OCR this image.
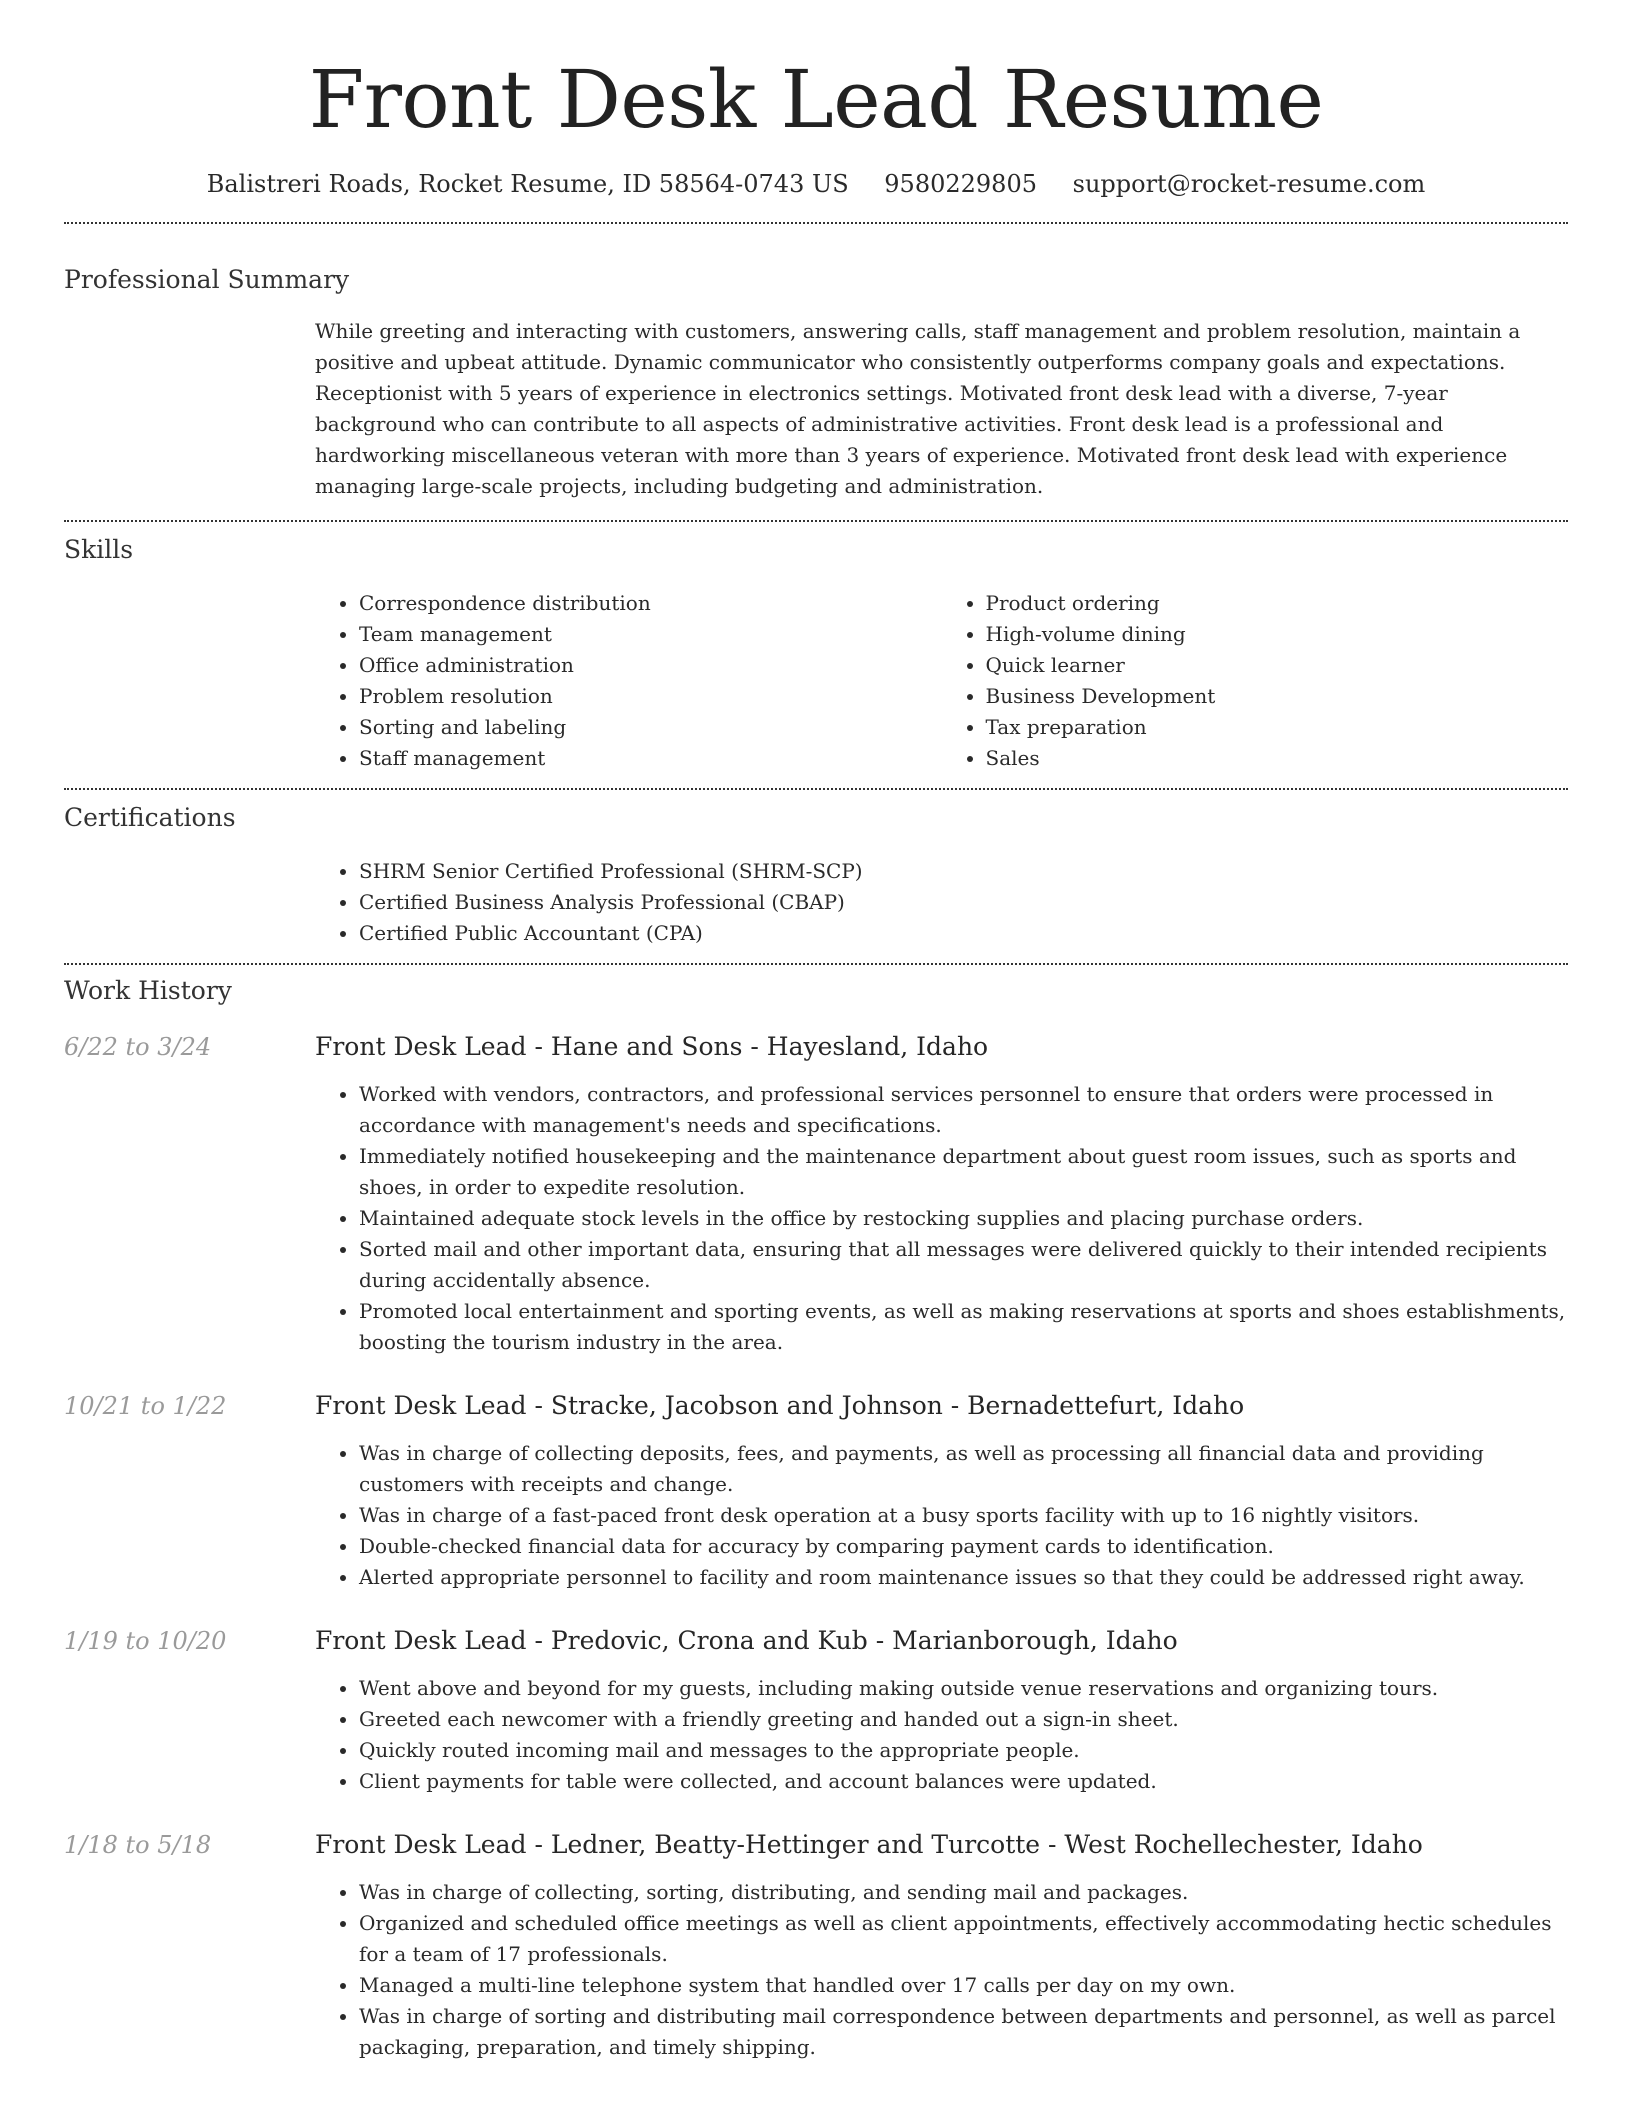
Front Desk Lead Resume
Balistreri Roads, Rocket Resume, ID 58564-0743 US 9580229805 support@rocket-resume.com
Professional Summary
While greeting and interacting with customers, answering calls, staff management and problem resolution, maintain a positive and upbeat attitude. Dynamic communicator who consistently outperforms company goals and expectations. Receptionist with 5 years of experience in electronics settings. Motivated front desk lead with a diverse, 7-year background who can contribute to all aspects of administrative activities. Front desk lead is a professional and hardworking miscellaneous veteran with more than 3 years of experience. Motivated front desk lead with experience managing large-scale projects, including budgeting and administration.
Skills
• Correspondence distribution
• Team management
• Office administration
• Problem resolution
• Sorting and labeling
• Staff management
• Product ordering
• High-volume dining
• Quick learner
• Business Development
• Tax preparation
• Sales
Certifications
• SHRM Senior Certified Professional (SHRM-SCP)
• Certified Business Analysis Professional (CBAP)
• Certified Public Accountant (CPA)
Work History
6/22 to 3/24	Front Desk Lead - Hane and Sons - Hayesland, Idaho
• Worked with vendors, contractors, and professional services personnel to ensure that orders were processed in accordance with management's needs and specifications.
• Immediately notified housekeeping and the maintenance department about guest room issues, such as sports and shoes, in order to expedite resolution.
• Maintained adequate stock levels in the office by restocking supplies and placing purchase orders.
• Sorted mail and other important data, ensuring that all messages were delivered quickly to their intended recipients during accidentally absence.
• Promoted local entertainment and sporting events, as well as making reservations at sports and shoes establishments, boosting the tourism industry in the area.
10/21 to 1/22	Front Desk Lead - Stracke, Jacobson and Johnson - Bernadettefurt, Idaho
• Was in charge of collecting deposits, fees, and payments, as well as processing all financial data and providing customers with receipts and change.
• Was in charge of a fast-paced front desk operation at a busy sports facility with up to 16 nightly visitors.
• Double-checked financial data for accuracy by comparing payment cards to identification.
• Alerted appropriate personnel to facility and room maintenance issues so that they could be addressed right away.
1/19 to 10/20	Front Desk Lead - Predovic, Crona and Kub - Marianborough, Idaho
• Went above and beyond for my guests, including making outside venue reservations and organizing tours.
• Greeted each newcomer with a friendly greeting and handed out a sign-in sheet.
• Quickly routed incoming mail and messages to the appropriate people.
• Client payments for table were collected, and account balances were updated.
1/18 to 5/18	Front Desk Lead - Ledner, Beatty-Hettinger and Turcotte - West Rochellechester, Idaho
• Was in charge of collecting, sorting, distributing, and sending mail and packages.
• Organized and scheduled office meetings as well as client appointments, effectively accommodating hectic schedules for a team of 17 professionals.
• Managed a multi-line telephone system that handled over 17 calls per day on my own.
• Was in charge of sorting and distributing mail correspondence between departments and personnel, as well as parcel packaging, preparation, and timely shipping.
